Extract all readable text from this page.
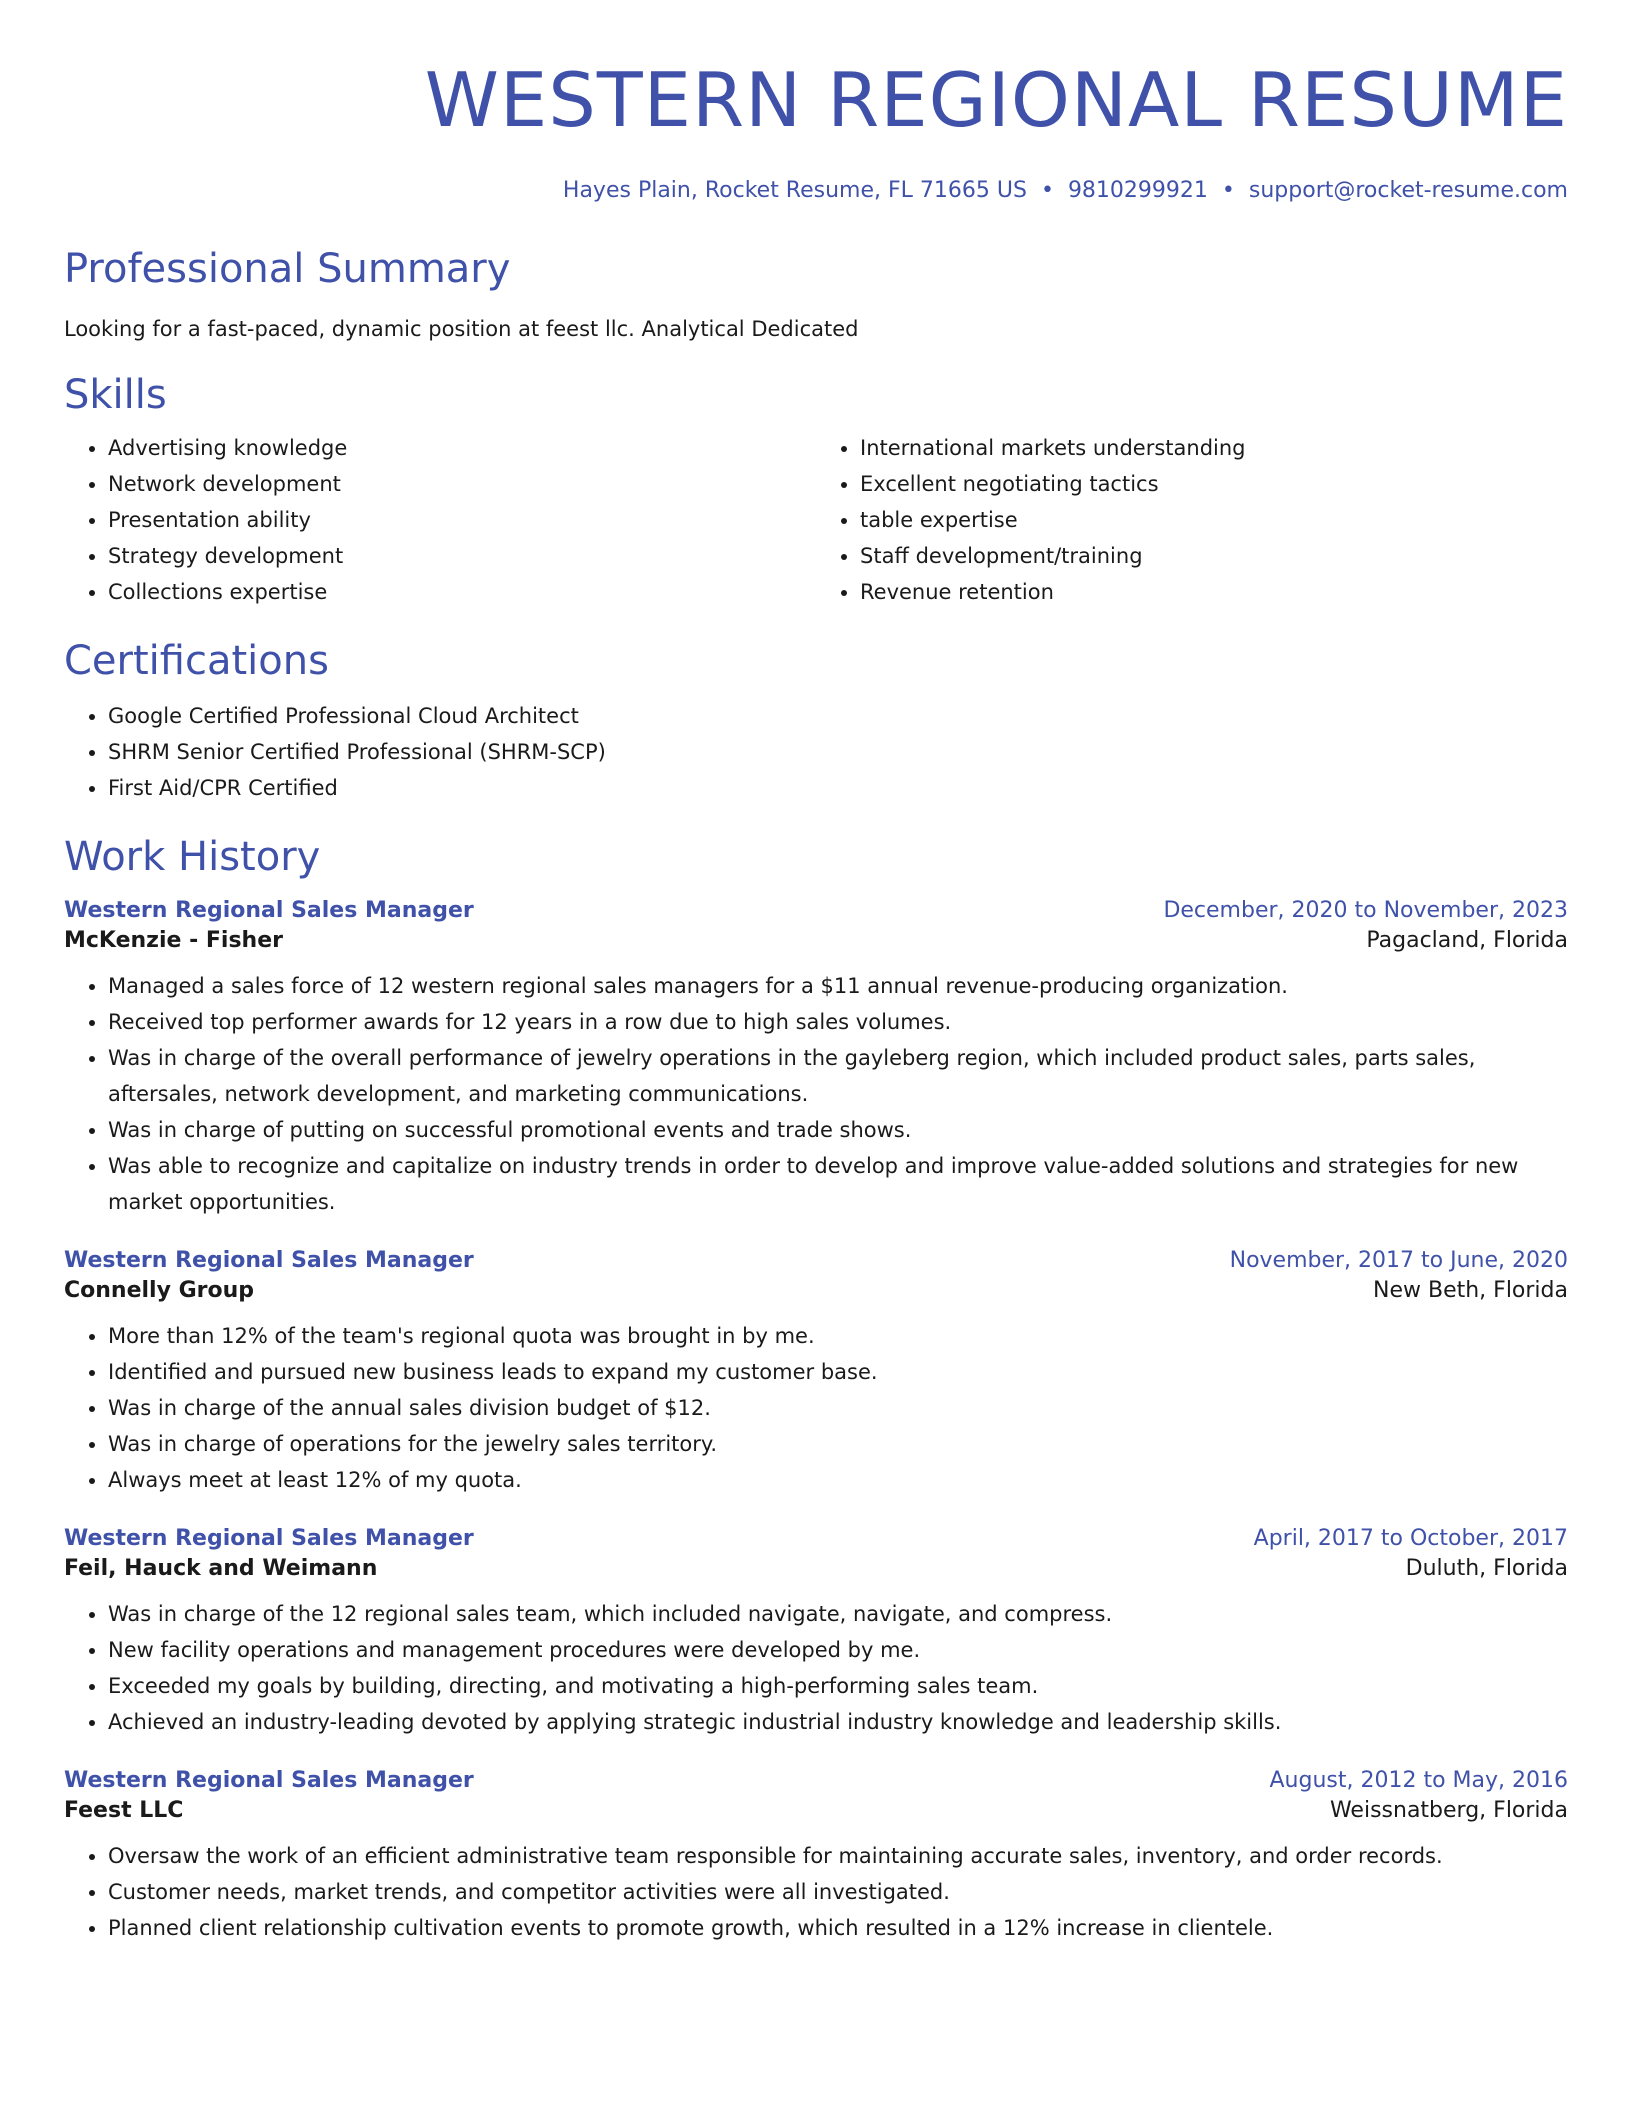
WESTERN REGIONAL RESUME
Hayes Plain, Rocket Resume, FL 71665 US • 9810299921 • support@rocket-resume.com
Professional Summary

Looking for a fast-paced, dynamic position at feest llc. Analytical Dedicated

Skills
• Advertising knowledge
• Network development
• Presentation ability
• Strategy development
• Collections expertise
• International markets understanding
• Excellent negotiating tactics
• table expertise
• Staff development/training
• Revenue retention
Certifications
• Google Certified Professional Cloud Architect
• SHRM Senior Certified Professional (SHRM-SCP)
• First Aid/CPR Certified
Work History
Western Regional Sales Manager	December, 2020 to November, 2023
McKenzie - Fisher	Pagacland, Florida
• Managed a sales force of 12 western regional sales managers for a $11 annual revenue-producing organization.
• Received top performer awards for 12 years in a row due to high sales volumes.
• Was in charge of the overall performance of jewelry operations in the gayleberg region, which included product sales, parts sales, aftersales, network development, and marketing communications.
• Was in charge of putting on successful promotional events and trade shows.
• Was able to recognize and capitalize on industry trends in order to develop and improve value-added solutions and strategies for new market opportunities.
Western Regional Sales Manager	November, 2017 to June, 2020
Connelly Group	New Beth, Florida
• More than 12% of the team's regional quota was brought in by me.
• Identified and pursued new business leads to expand my customer base.
• Was in charge of the annual sales division budget of $12.
• Was in charge of operations for the jewelry sales territory.
• Always meet at least 12% of my quota.
Western Regional Sales Manager	April, 2017 to October, 2017
Feil, Hauck and Weimann	Duluth, Florida
• Was in charge of the 12 regional sales team, which included navigate, navigate, and compress.
• New facility operations and management procedures were developed by me.
• Exceeded my goals by building, directing, and motivating a high-performing sales team.
• Achieved an industry-leading devoted by applying strategic industrial industry knowledge and leadership skills.
Western Regional Sales Manager	August, 2012 to May, 2016
Feest LLC	Weissnatberg, Florida
• Oversaw the work of an efficient administrative team responsible for maintaining accurate sales, inventory, and order records.
• Customer needs, market trends, and competitor activities were all investigated.
• Planned client relationship cultivation events to promote growth, which resulted in a 12% increase in clientele.
